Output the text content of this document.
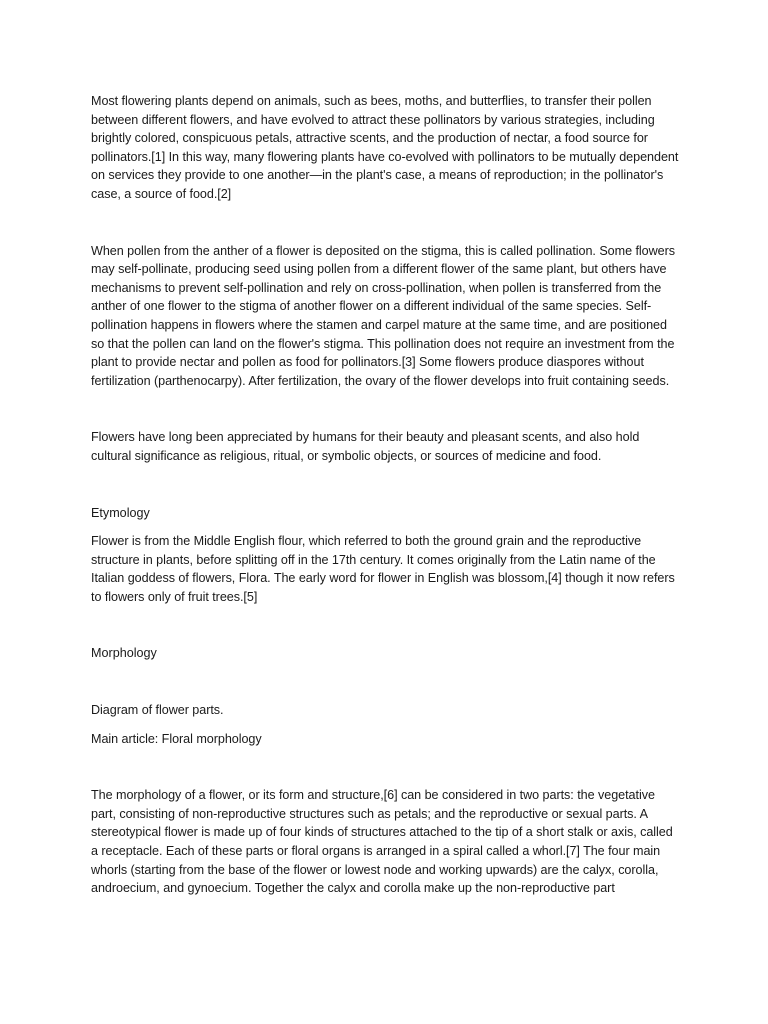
Most flowering plants depend on animals, such as bees, moths, and butterflies, to transfer their pollen between different flowers, and have evolved to attract these pollinators by various strategies, including brightly colored, conspicuous petals, attractive scents, and the production of nectar, a food source for pollinators.[1] In this way, many flowering plants have co-evolved with pollinators to be mutually dependent on services they provide to one another—in the plant's case, a means of reproduction; in the pollinator's case, a source of food.[2]

When pollen from the anther of a flower is deposited on the stigma, this is called pollination. Some flowers may self-pollinate, producing seed using pollen from a different flower of the same plant, but others have mechanisms to prevent self-pollination and rely on cross-pollination, when pollen is transferred from the anther of one flower to the stigma of another flower on a different individual of the same species. Self-pollination happens in flowers where the stamen and carpel mature at the same time, and are positioned so that the pollen can land on the flower's stigma. This pollination does not require an investment from the plant to provide nectar and pollen as food for pollinators.[3] Some flowers produce diaspores without fertilization (parthenocarpy). After fertilization, the ovary of the flower develops into fruit containing seeds.

Flowers have long been appreciated by humans for their beauty and pleasant scents, and also hold cultural significance as religious, ritual, or symbolic objects, or sources of medicine and food.

Etymology

Flower is from the Middle English flour, which referred to both the ground grain and the reproductive structure in plants, before splitting off in the 17th century. It comes originally from the Latin name of the Italian goddess of flowers, Flora. The early word for flower in English was blossom,[4] though it now refers to flowers only of fruit trees.[5]

Morphology

Diagram of flower parts.

Main article: Floral morphology

The morphology of a flower, or its form and structure,[6] can be considered in two parts: the vegetative part, consisting of non-reproductive structures such as petals; and the reproductive or sexual parts. A stereotypical flower is made up of four kinds of structures attached to the tip of a short stalk or axis, called a receptacle. Each of these parts or floral organs is arranged in a spiral called a whorl.[7] The four main whorls (starting from the base of the flower or lowest node and working upwards) are the calyx, corolla, androecium, and gynoecium. Together the calyx and corolla make up the non-reproductive part
